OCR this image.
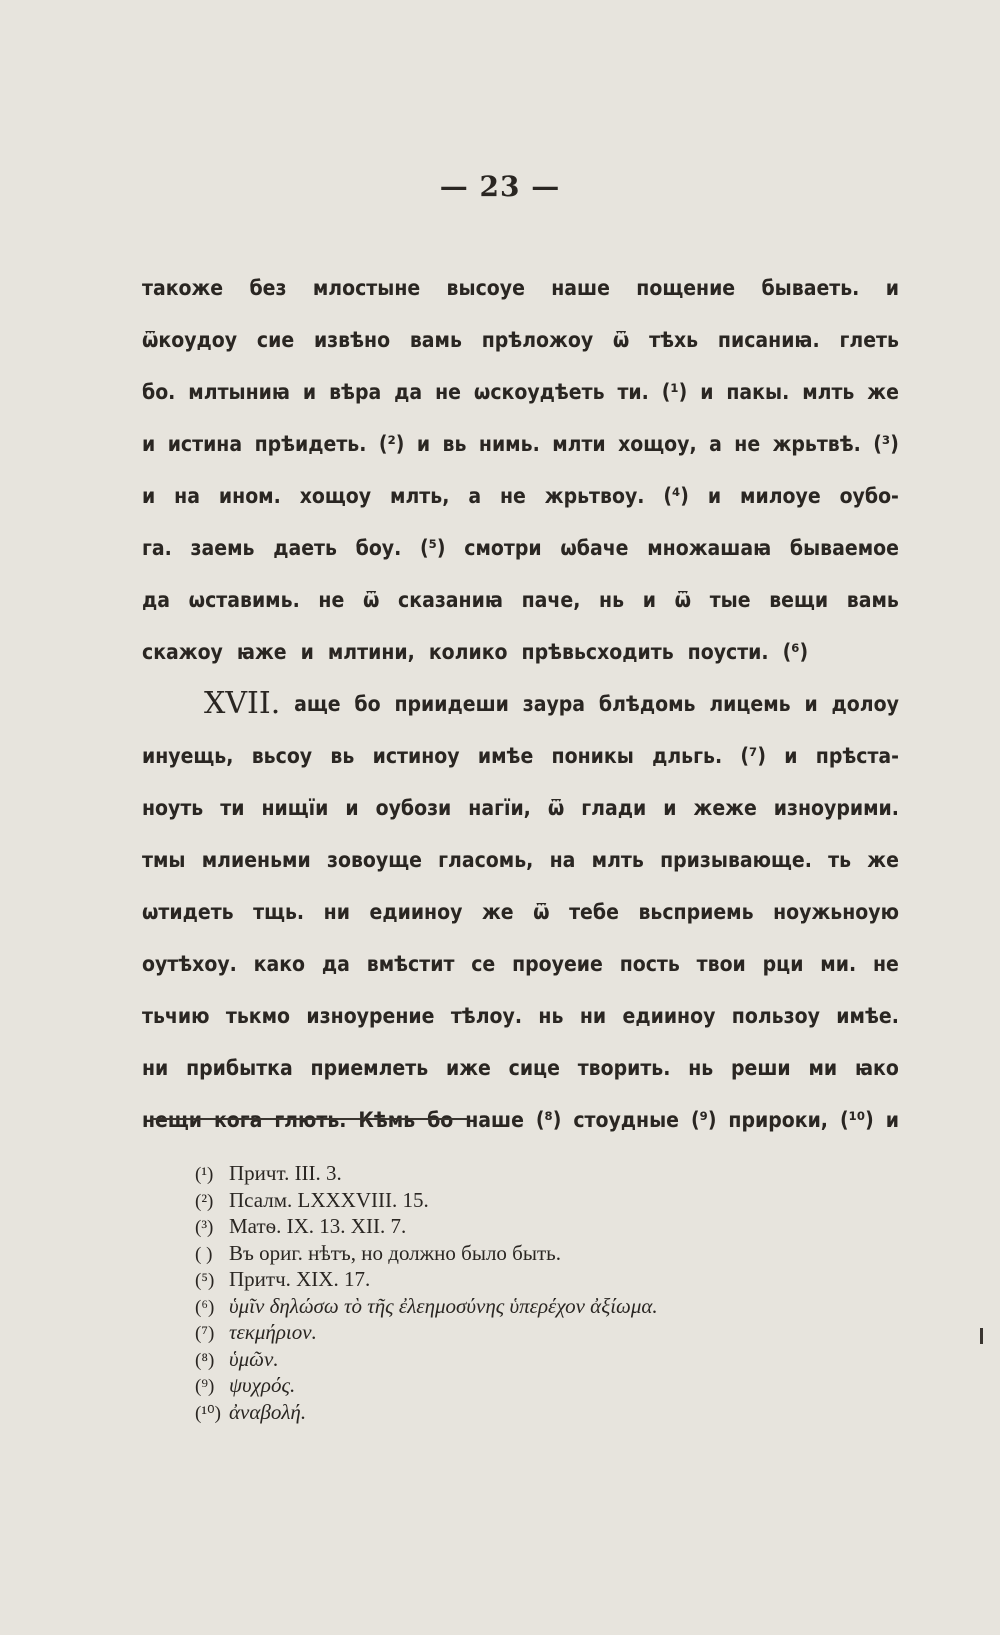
— 23 —
такоже без млостыне высоуе наше пощение бываеть. и
ѿкоудоу сие извѣно вамь прѣложоу ѿ тѣхь писаниꙗ. глеть
бо. млтыниꙗ и вѣра да не ѡскоудѣеть ти. (¹) и пакы. млть же
и истина прѣидеть. (²) и вь нимь. млти хощоу, а не жрьтвѣ. (³)
и на ином. хощоу млть, а не жрьтвоу. (⁴) и милоуе оубо-
га. заемь даеть боу. (⁵) смотри ѡбаче множашаꙗ бываемое
да ѡставимь. не ѿ сказаниꙗ паче, нь и ѿ тые вещи вамь
скажоу ꙗже и млтини, колико прѣвьсходить поусти. (⁶)
XVII. аще бо приидеши заура блѣдомь лицемь и долоу
инуещь, вьсоу вь истиноу имѣе поникы дльгь. (⁷) и прѣста-
ноуть ти нищїи и оубози нагїи, ѿ глади и жеже изноурими.
тмы млиеньми зовоуще гласомь, на млть призывающе. ть же
ѡтидеть тщь. ни едииноу же ѿ тебе вьсприемь ноужьноую
оутѣхоу. како да вмѣстит се проуеие пость твои рци ми. не
тьчию тькмо изноурение тѣлоу. нь ни едииноу пользоу имѣе.
ни прибытка приемлеть иже сице творить. нь реши ми ꙗко
нещи кога глють. Кѣмь бо наше (⁸) стоудные (⁹) прироки, (¹⁰) и
(¹) Причт. III. 3.
(²) Псалм. LXXXVIII. 15.
(³) Матѳ. IX. 13. XII. 7.
( ) Въ ориг. нѣтъ, но должно было быть.
(⁵) Притч. XIX. 17.
(⁶) ὑμῖν δηλώσω τὸ τῆς ἐλεημοσύνης ὑπερέχον ἀξίωμα.
(⁷) τεκμήριον.
(⁸) ὑμῶν.
(⁹) ψυχρός.
(¹⁰) ἀναβολή.
